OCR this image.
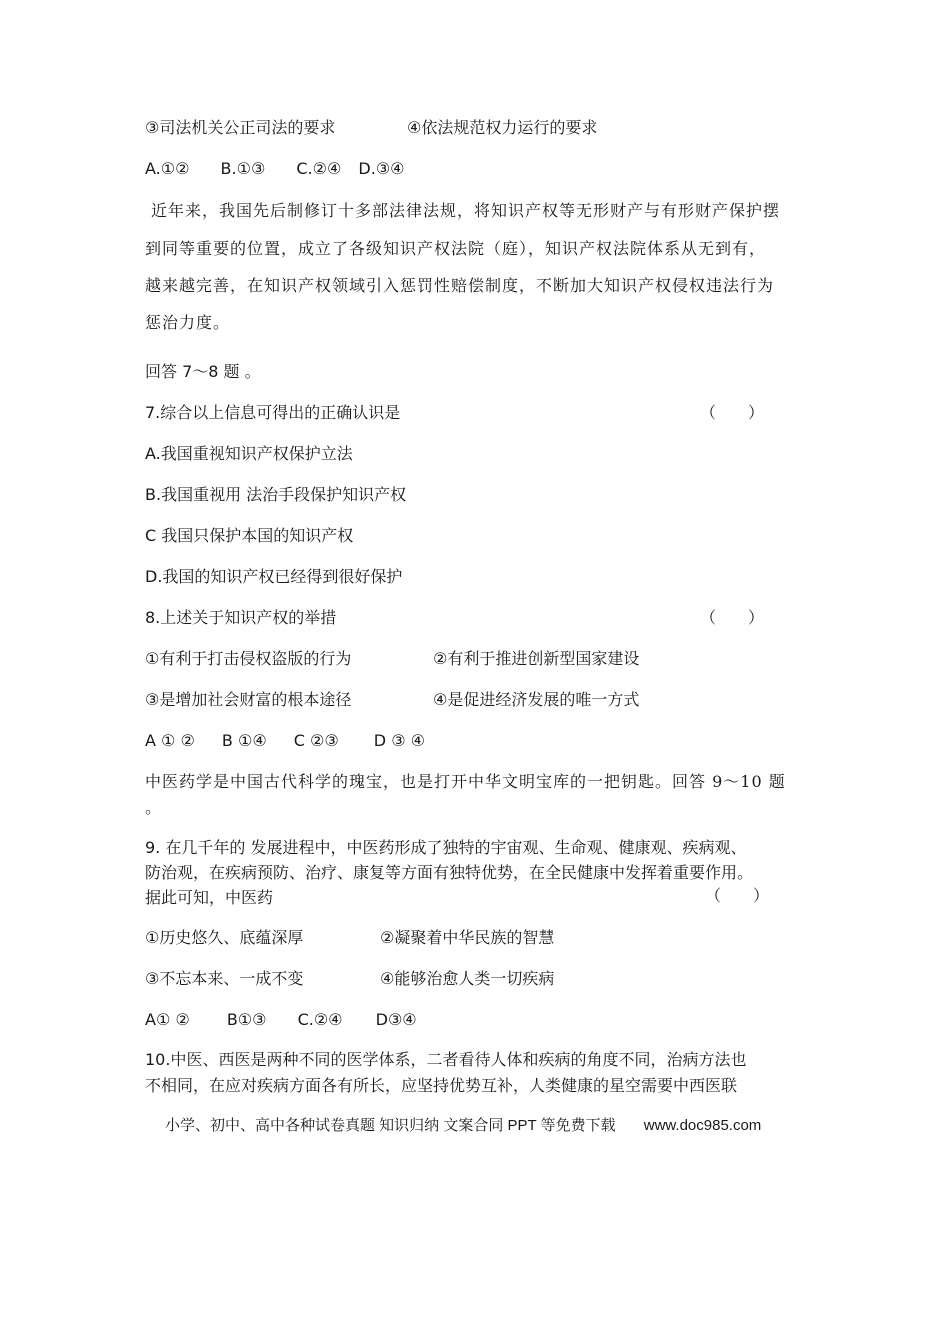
③司法机关公正司法的要求	④依法规范权力运行的要求
A.①② B.①③ C.②④ D.③④
近年来，我国先后制修订十多部法律法规，将知识产权等无形财产与有形财产保护摆
到同等重要的位置，成立了各级知识产权法院（庭），知识产权法院体系从无到有，
越来越完善，在知识产权领域引入惩罚性赔偿制度，不断加大知识产权侵权违法行为
惩治力度。
回答 7～8 题 。
7.综合以上信息可得出的正确认识是	（　　）
A.我国重视知识产权保护立法
B.我国重视用 法治手段保护知识产权
C 我国只保护本国的知识产权
D.我国的知识产权已经得到很好保护
8.上述关于知识产权的举措	（　　）
①有利于打击侵权盗版的行为	②有利于推进创新型国家建设
③是增加社会财富的根本途径	④是促进经济发展的唯一方式
A ① ② B ①④ C ②③ D ③ ④
中医药学是中国古代科学的瑰宝，也是打开中华文明宝库的一把钥匙。回答 9～10 题
。
9. 在几千年的 发展进程中，中医药形成了独特的宇宙观、生命观、健康观、疾病观、
防治观，在疾病预防、治疗、康复等方面有独特优势，在全民健康中发挥着重要作用。
据此可知，中医药	（　　）
①历史悠久、底蕴深厚	②凝聚着中华民族的智慧
③不忘本来、一成不变	④能够治愈人类一切疾病
A① ② B①③ C.②④ D③④
10.中医、西医是两种不同的医学体系，二者看待人体和疾病的角度不同，治病方法也
不相同，在应对疾病方面各有所长，应坚持优势互补，人类健康的星空需要中西医联
小学、初中、高中各种试卷真题 知识归纳 文案合同 PPT 等免费下载 www.doc985.com
